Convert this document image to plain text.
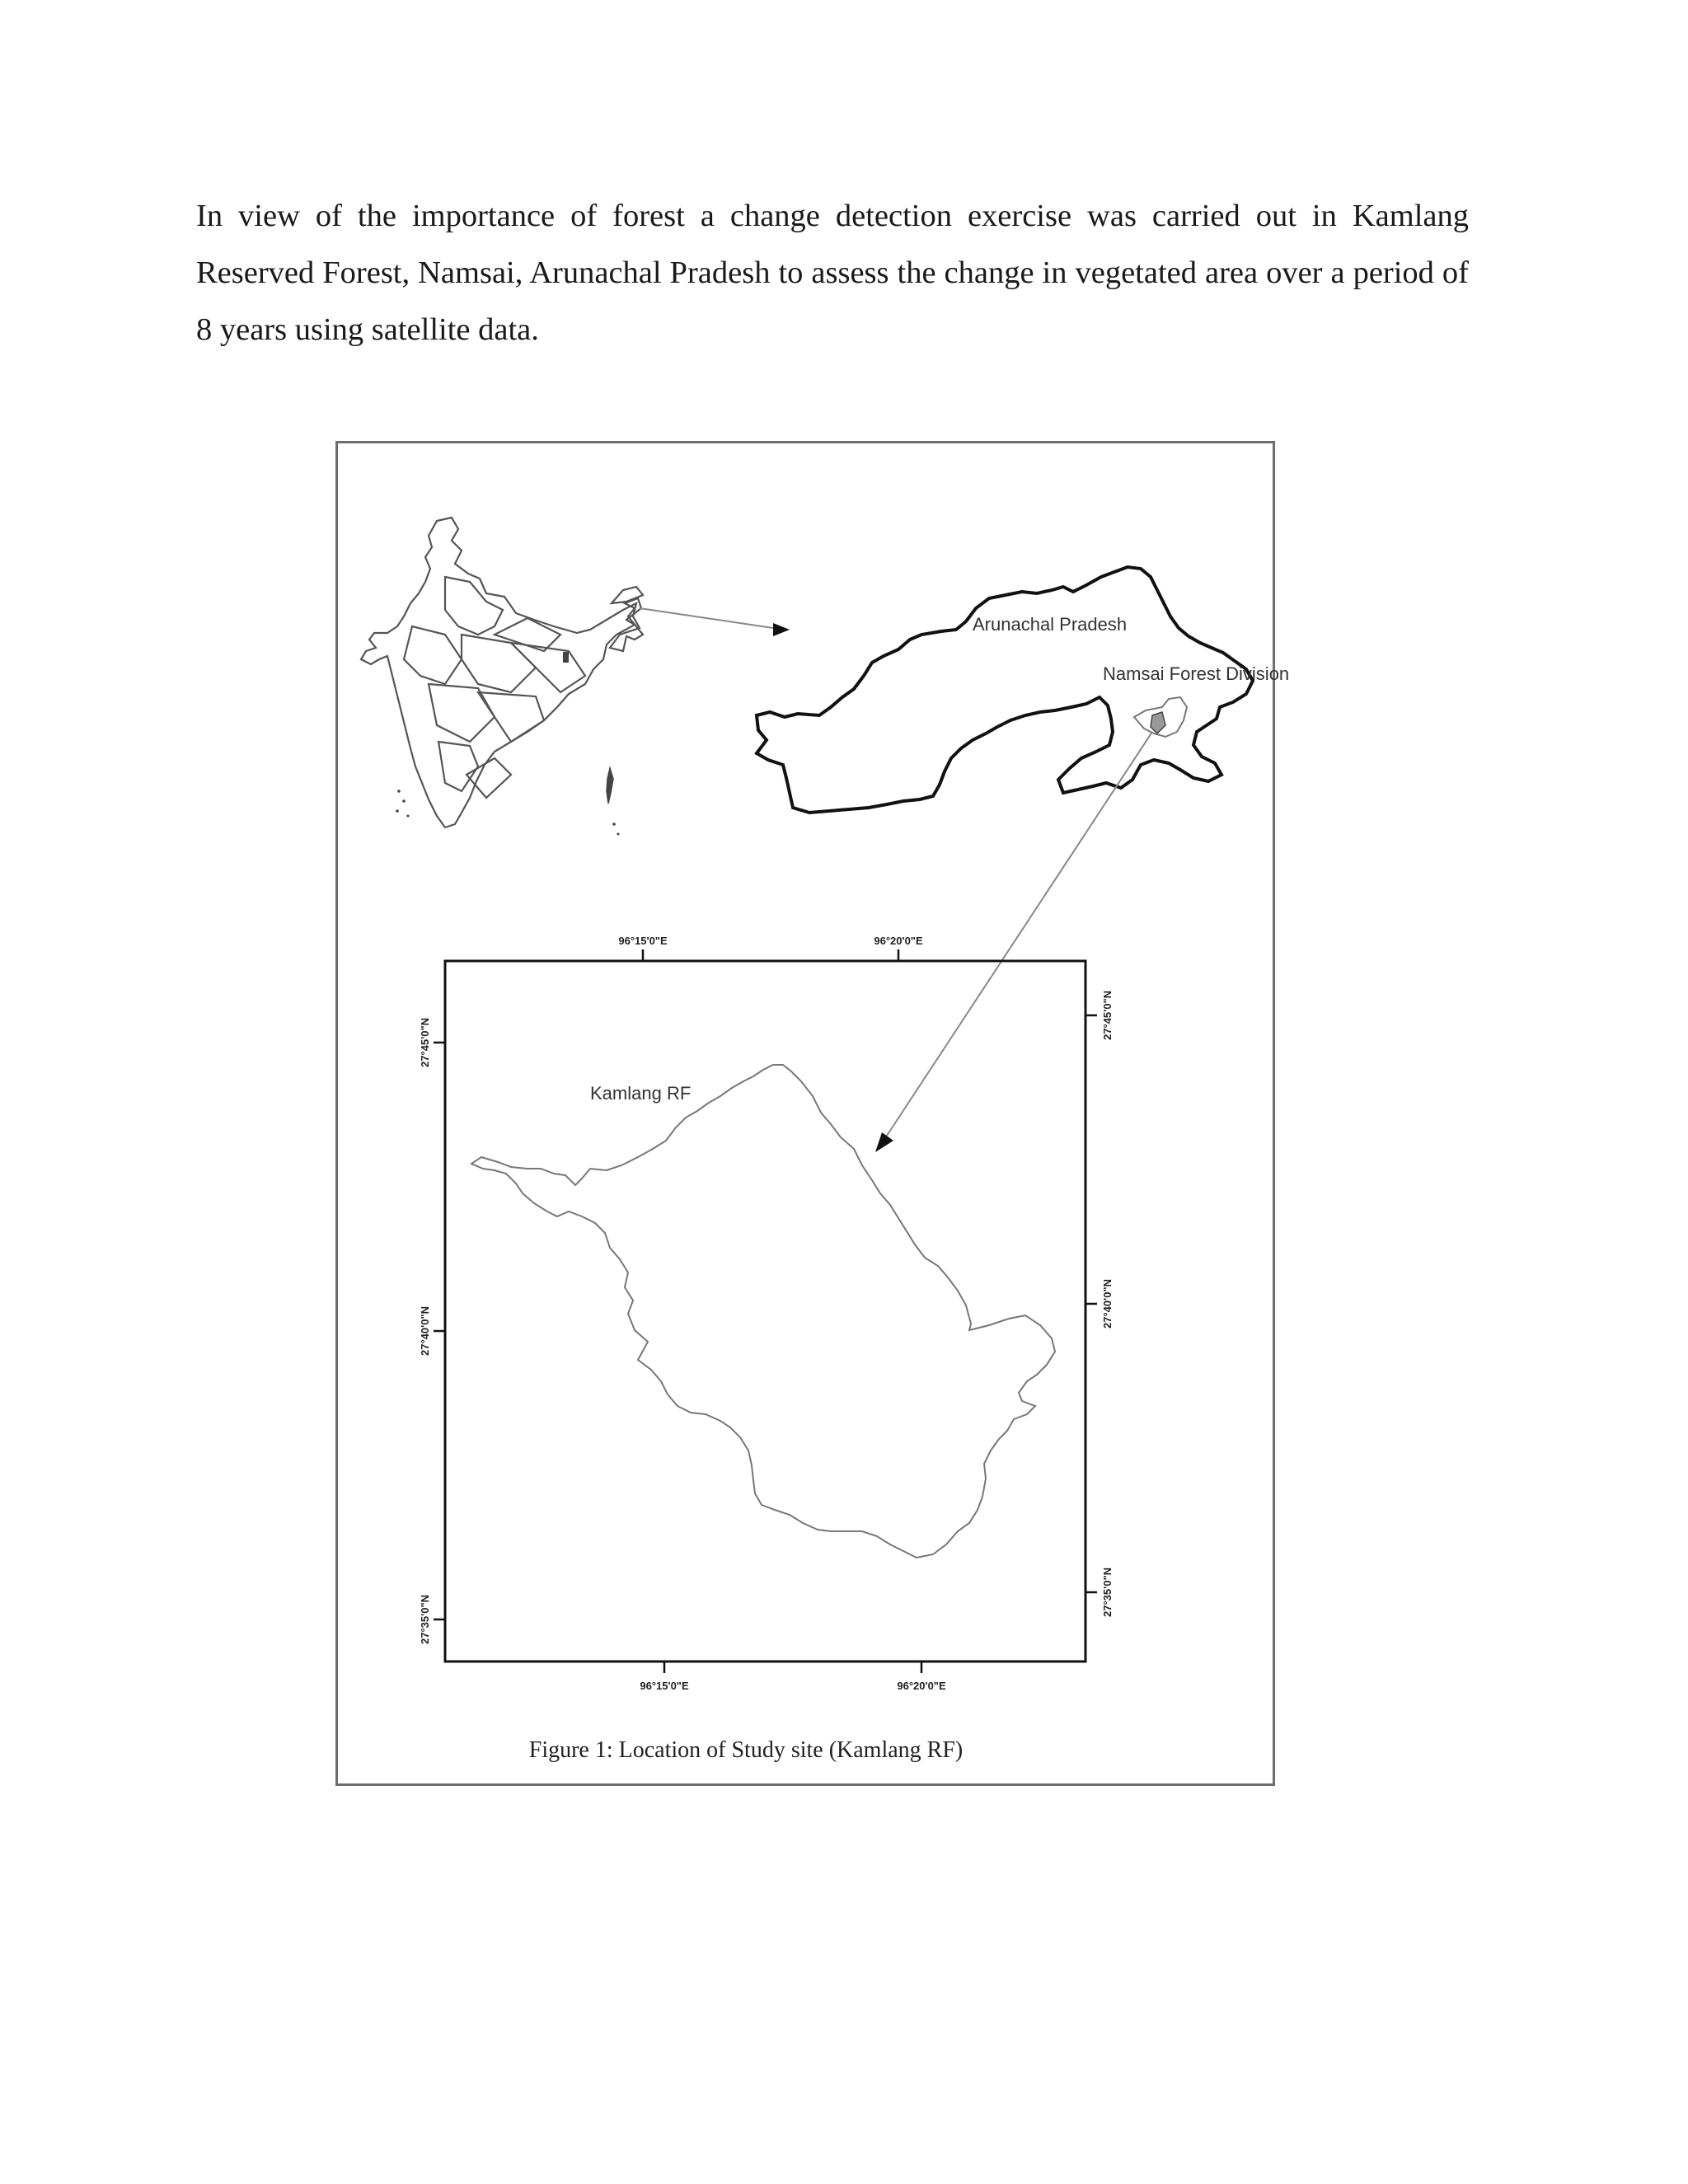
In view of the importance of forest a change detection exercise was carried out in Kamlang Reserved Forest, Namsai, Arunachal Pradesh to assess the change in vegetated area over a period of 8 years using satellite data.

Arunachal Pradesh
Namsai Forest Division
Kamlang RF
96°15'0"E	96°20'0"E
96°15'0"E	96°20'0"E
27°45'0"N
27°40'0"N
27°35'0"N
27°45'0"N
27°40'0"N
27°35'0"N
Figure 1: Location of Study site (Kamlang RF)
